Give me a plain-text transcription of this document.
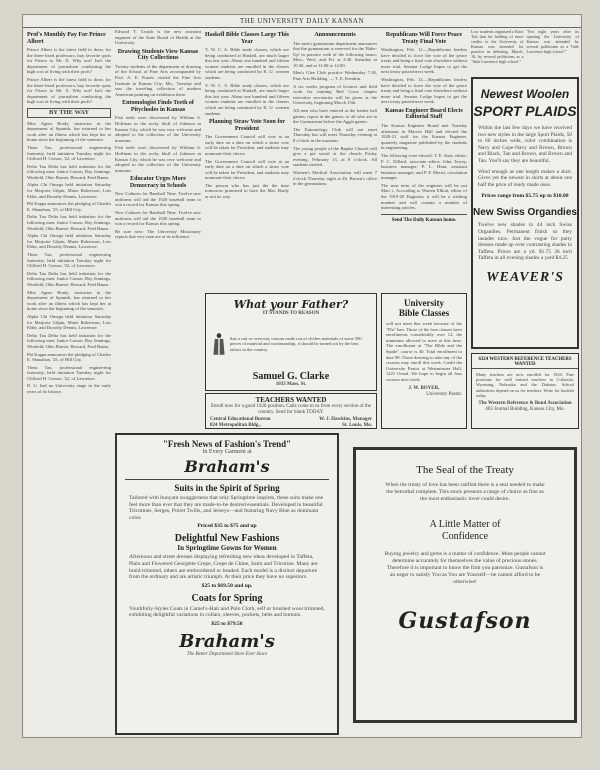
THE UNIVERSITY DAILY KANSAN
Prof's Monthly Pay For Prince Albert

Prince Albert is the latest field to draw, for the three-fixed professors; buy favorite spots for Prince to Mr. X. Why not? Isn't the department of journalism conducting the high cost of living with their profs?

Prince Albert is the latest field to draw, for the three-fixed professors; buy favorite spots for Prince to Mr. X. Why not? Isn't the department of journalism conducting the high cost of living with their profs?

BY THE WAY

Miss Agnes Brady, instructor in the department of Spanish, has returned to her work after an illness which has kept her at home since the beginning of the semester.

Theta Tau, professional engineering fraternity, held initiation Tuesday night for Clifford H. Carson, '22, of Lawrence.

Delta Tau Delta has held initiation for the following men: Junior Carson, Ray Jennings, Winfield, Ohio Barnet, Howard, Fred Baum.

Alpha Chi Omega held initiation Saturday for Marjorie Gilpin, Marie Robertson, Lois Elder, and Dorothy Dennis, Lawrence.

Phi Kappa announces the pledging of Charles E. Shanahan, '25, of Hill City.

Delta Tau Delta has held initiation for the following men: Junior Carson, Ray Jennings, Winfield, Ohio Barnet, Howard, Fred Baum.

Alpha Chi Omega held initiation Saturday for Marjorie Gilpin, Marie Robertson, Lois Elder, and Dorothy Dennis, Lawrence.

Theta Tau, professional engineering fraternity, held initiation Tuesday night for Clifford H. Carson, '22, of Lawrence.

Delta Tau Delta has held initiation for the following men: Junior Carson, Ray Jennings, Winfield, Ohio Barnet, Howard, Fred Baum.

Miss Agnes Brady, instructor in the department of Spanish, has returned to her work after an illness which has kept her at home since the beginning of the semester.

Alpha Chi Omega held initiation Saturday for Marjorie Gilpin, Marie Robertson, Lois Elder, and Dorothy Dennis, Lawrence.

Delta Tau Delta has held initiation for the following men: Junior Carson, Ray Jennings, Winfield, Ohio Barnet, Howard, Fred Baum.

Phi Kappa announces the pledging of Charles E. Shanahan, '25, of Hill City.

Theta Tau, professional engineering fraternity, held initiation Tuesday night for Clifford H. Carson, '22, of Lawrence.

R. U. had no University stage in the early years of its history.

Edward T. Crutch is the new assistant engineer of the State Board of Health at the University.

Drawing Students View Kansas City Collections

Twenty students of the department of drawing of the School of Fine Arts accompanied by Prof. A. E. Frazer, visited the Fine Arts Institute in Kansas City, Mo., Tuesday and saw the traveling collection of modern American painting on exhibition there.

Entomologist Finds Teeth of Pitychodes in Kansas

Fish teeth were discovered by William S. Hoffman in the rocky bluff of Johnson in Kansas City, which he was very welcome and adopted to the collection of the University museum.

Fish teeth were discovered by William S. Hoffman in the rocky bluff of Johnson in Kansas City, which he was very welcome and adopted to the collection of the University museum.

Educator Urges More Democracy in Schools

New Cultures for Baseball Nine. Twelve new uniforms will aid the 1920 baseball team to win a record for Kansas this spring.

New Cultures for Baseball Nine. Twelve new uniforms will aid the 1920 baseball team to win a record for Kansas this spring.

Be sure now: The University Missionary reports that very men are at its influence.

Haskell Bible Classes Large This Year

Y. W. C. A. Bible study classes, which are being conducted at Haskell, are much larger this last year. About one hundred and fifteen women students are enrolled in the classes which are being conducted by K. U. women students.

Y. W. C. A. Bible study classes, which are being conducted at Haskell, are much larger this last year. About one hundred and fifteen women students are enrolled in the classes which are being conducted by K. U. women students.

Planning Straw Vote Soon for President

The Government Council will vote at an early date on a date on which a straw vote will be taken for President, and students may nominate their choice.

The Government Council will vote at an early date on a date on which a straw vote will be taken for President, and students may nominate their choice.

The person who has just the the time tomorrow promised to have the Mac Hardy or not its way.

Announcements

The men's gymnasium department announces that the gymnasium is reserved for the 'Rake-Up' in practice with of the following hours: Mon., Wed., and Fri. at 3:30. Saturday at 10:30, and at 11:00 to 12:00.

Men's Glee Club practice Wednesday 7:30, Fine Arts Building. — T. E. Kendrin.

A six weeks program of lectures and field work for training Red Cross chapter executive secretaries will be given at the University, beginning March 15th.

All men who have entered at the basket ball games, report in the games, or all who are in the Gymnasium before the Aggie games.

The Entomology Club will not meet Thursday but will meet Thursday evening at 8 o'clock in the museum.

The young people of the Baptist Church will give a pie social at the church Friday evening, February 13, at 8 o'clock. All students invited.

Women's Medical Association will meet 7 o'clock Thursday night at Dr. Brown's office in the gymnasium.

Republicans Will Force Peace Treaty Final Vote

Washington, Feb. 12.—Republicans leaders have decided to force the vote of the peace treaty and bring a final vote elsewhere without more trial. Senator Lodge hopes to get the next treaty passed next week.

Washington, Feb. 12.—Republicans leaders have decided to force the vote of the peace treaty and bring a final vote elsewhere without more trial. Senator Lodge hopes to get the next treaty passed next week.

Kansas Engineer Board Elects Editorial Staff

The Kansas Engineer Board met Tuesday afternoon in Marvin Hall and elected the 1920-21 staff for the Kansas Engineer, quarterly magazine published by the students in engineering.

The following were elected: T. E. Stott, editor; F. C. Dillard, associate editor; John Towey, business manager; P. L. Hunt, assistant business manager; and P. F. Mersti, circulation manager.

The next term of the engineer will be out Marc r. According to Warren Elliott, editor of the 1919-20 Engineer, it will be a wishing number and will contain a number of interesting articles.

Send The Daily Kansan home.
What your Father?
IT STANDS TO REASON
that a suit or overcoat, custom made out of clothes materials of some 500 pieces of material and workmanship, it should be turned out by the best tailors in the country.
Samuel G. Clarke
1033 Mass. St.
University
Bible Classes
will not meet this week because of the "Flu" ban. Those of the four classes have enrollments considerably over 12, the minimum allowed to meet at this time. The enrollment at "The Bible and the Spade" course is 40. Total enrollment to date 99. Those desiring to take any of the courses may enroll this week. Credit the University Pastor at Westminster Hall, 1221 Oread. We hope to begin all four courses next week.
J. W. BOYER,
University Pastor.
TEACHERS WANTED
Enroll now for a good 1920 position. Calls come to us from every section of the country. Send for blank TODAY.
Central Educational Bureau
824 Metropolitan Bldg.,
W. J. Hawkins, Manager
St. Louis, Mo.

Low students organized a Knot Tub that for holding of more credits to the University of Kansas was attended for practice in debating, March, 10, by several politicians as a "little Lawrence high school."

"For eight years after its opening the University of Kansas was attended by several politicians as a 'little Lawrence high school.'"

Newest Woolen
SPORT PLAIDS
Within the last few days we have received two new styles in the large Sport Plaids, 50 to 60 inches wide, color combination is Navy and Cope-Navy and Brown, Brown and Black, Tan and Brown, and Brown and Tan. You'll say they are beautiful.
Wind enough as one length makes a skirt. Gives yet the newest in skirts at about one half the price of ready made ones.
Prices range from $5.75 up to $10.00
New Swiss Organdies
Twelve new shades in 44 inch Swiss Organdies. Permanent finish so they launder nice. Just the vogue for party dresses made up over contrasting shades in Taffeta. Prices are a yd. $1.75 36 inch Taffeta in all evening shades a yard $4.25
WEAVER'S
6324 WESTERN REFERENCE TEACHERS WANTED
Many teachers are now enrolled for 1920. Fine positions for well trained teachers in Colorado, Wyoming, Nebraska and the Dakotas. School authorities depend on us for teachers. Write for booklet today.
The Western Reference & Bond Association
403 Journal Building, Kansas City, Mo.
"Fresh News of Fashion's Trend"
In Every Garment at
Braham's
Suits in the Spirit of Spring
Tailored with buoyant swaggerness that only Springtime inspires, these suits make one feel more than ever that they are made-to-be desired essentials. Developed in beautiful Tricotines, Serges, Poiret Twills, and Jerseys—and featuring Navy Blue as dominant color.
Priced $35 to $75 and up
Delightful New Fashions
In Springtime Gowns for Women
Afternoon and street dresses displaying refreshing new ideas developed in Taffeta, Plain and Flowered Georgette Crepe, Crepe de Chine, Satin and Tricotine. Many are braid trimmed, others are embroidered or beaded. Each model is a distinct departure from the ordinary and are artistic triumph. At their price they have no superiors.
$25 to $69.50 and up.
Coats for Spring
Youthfully-Styles Coats in Camel's-Hair and Polo Cloth, self or brushed wool trimmed, exhibiting delightful variations in collars, sleeves, pockets, belts and buttons.
$25 to $79.50
Braham's
The Better Department Store Ever Since
The Seal of the Treaty
When the treaty of love has been ratified there is a seal needed to make the betrothal complete. This stock presents a range of choice as fine as the most enthusiastic lover could desire.
A Little Matter of Confidence
Buying jewelry and gems is a matter of confidence. Most people cannot determine accurately for themselves the value of precious stones. Therefore it is important to know the firm you patronize. Gustafson is an eager to satisfy You as You are Yourself—he cannot afford to be otherwise!
Gustafson
